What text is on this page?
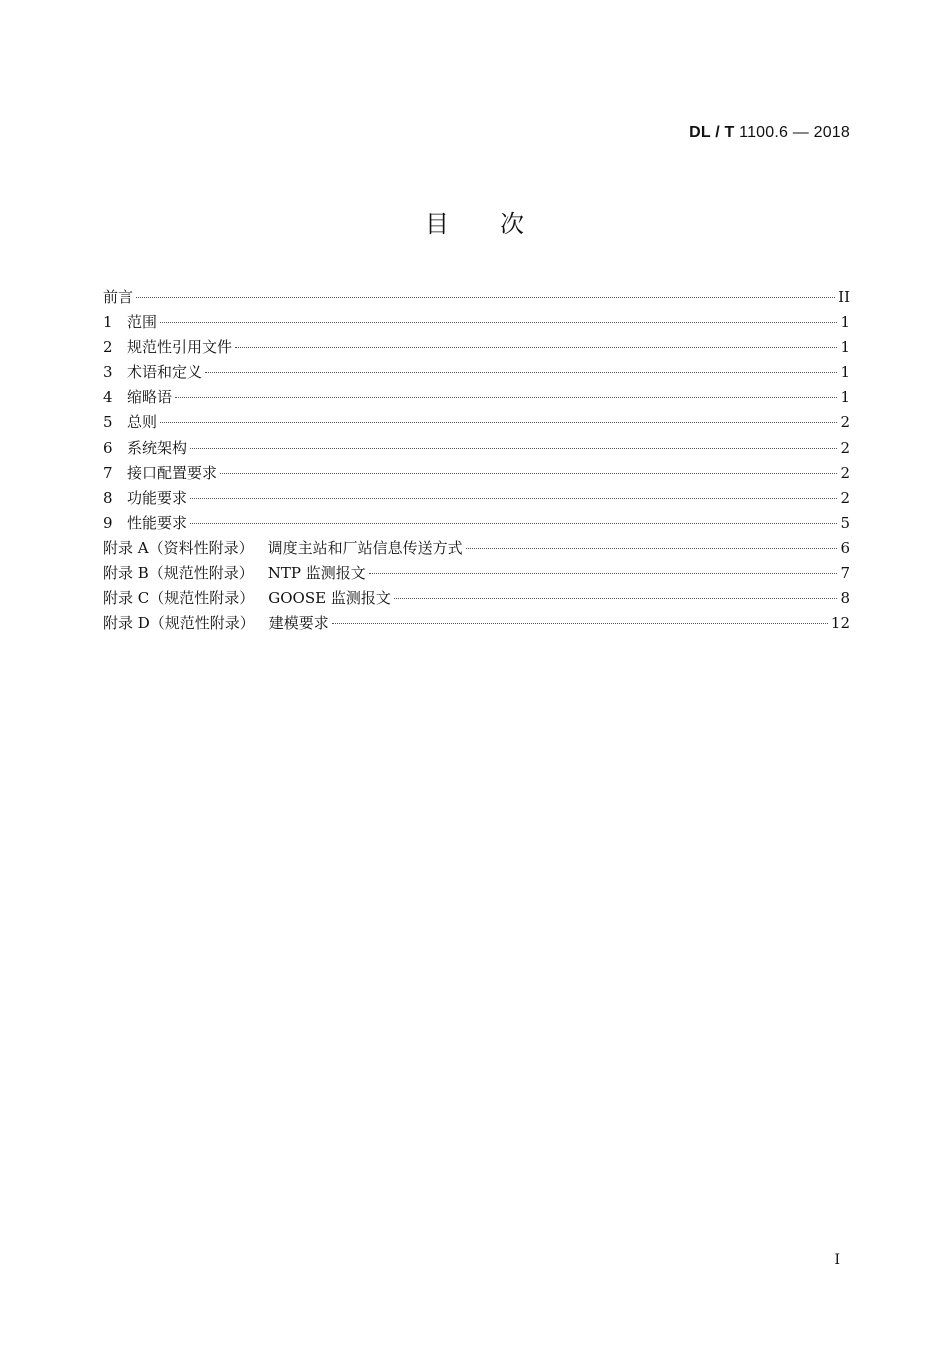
DL / T 1100.6 — 2018
目 次
前言	II
1 范围	1
2 规范性引用文件	1
3 术语和定义	1
4 缩略语	1
5 总则	2
6 系统架构	2
7 接口配置要求	2
8 功能要求	2
9 性能要求	5
附录 A（资料性附录） 调度主站和厂站信息传送方式	6
附录 B（规范性附录） NTP 监测报文	7
附录 C（规范性附录） GOOSE 监测报文	8
附录 D（规范性附录） 建模要求	12
I
